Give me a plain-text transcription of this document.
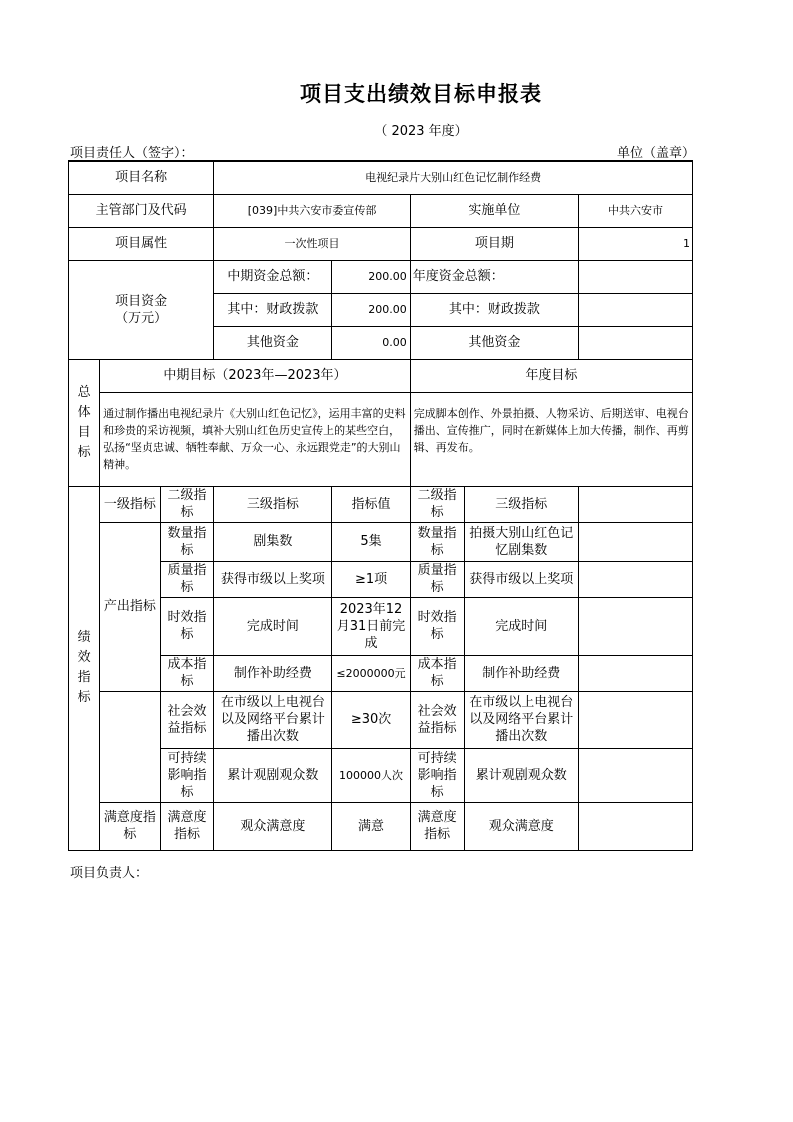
项目支出绩效目标申报表
（ 2023 年度）
项目责任人（签字）：	单位（盖章）
项目名称			电视纪录片大别山红色记忆制作经费				
主管部门及代码			[039]中共六安市委宣传部		实施单位		中共六安市
项目属性			一次性项目		项目期		1
项目资金
（万元）			中期资金总额：	200.00	年度资金总额：		
			其中：财政拨款	200.00	其中：财政拨款		
			其他资金	0.00	其他资金		
总
体
目
标	中期目标（2023年—2023年）				年度目标		
	通过制作播出电视纪录片《大别山红色记忆》，运用丰富的史料和珍贵的采访视频，填补大别山红色历史宣传上的某些空白，弘扬“坚贞忠诚、牺牲奉献、万众一心、永远跟党走”的大别山精神。				完成脚本创作、外景拍摄、人物采访、后期送审、电视台播出、宣传推广，同时在新媒体上加大传播，制作、再剪辑、再发布。		
绩
效
指
标	一级指标	二级指标	三级指标	指标值	二级指标	三级指标	
	产出指标	数量指标	剧集数	5集	数量指标	拍摄大别山红色记忆剧集数	
		质量指标	获得市级以上奖项	≥1项	质量指标	获得市级以上奖项	
		时效指标	完成时间	2023年12月31日前完成	时效指标	完成时间	
		成本指标	制作补助经费	≤2000000元	成本指标	制作补助经费	
		社会效益指标	在市级以上电视台以及网络平台累计播出次数	≥30次	社会效益指标	在市级以上电视台以及网络平台累计播出次数	
		可持续影响指标	累计观剧观众数	100000人次	可持续影响指标	累计观剧观众数	
	满意度指标	满意度指标	观众满意度	满意	满意度指标	观众满意度	
项目负责人：
